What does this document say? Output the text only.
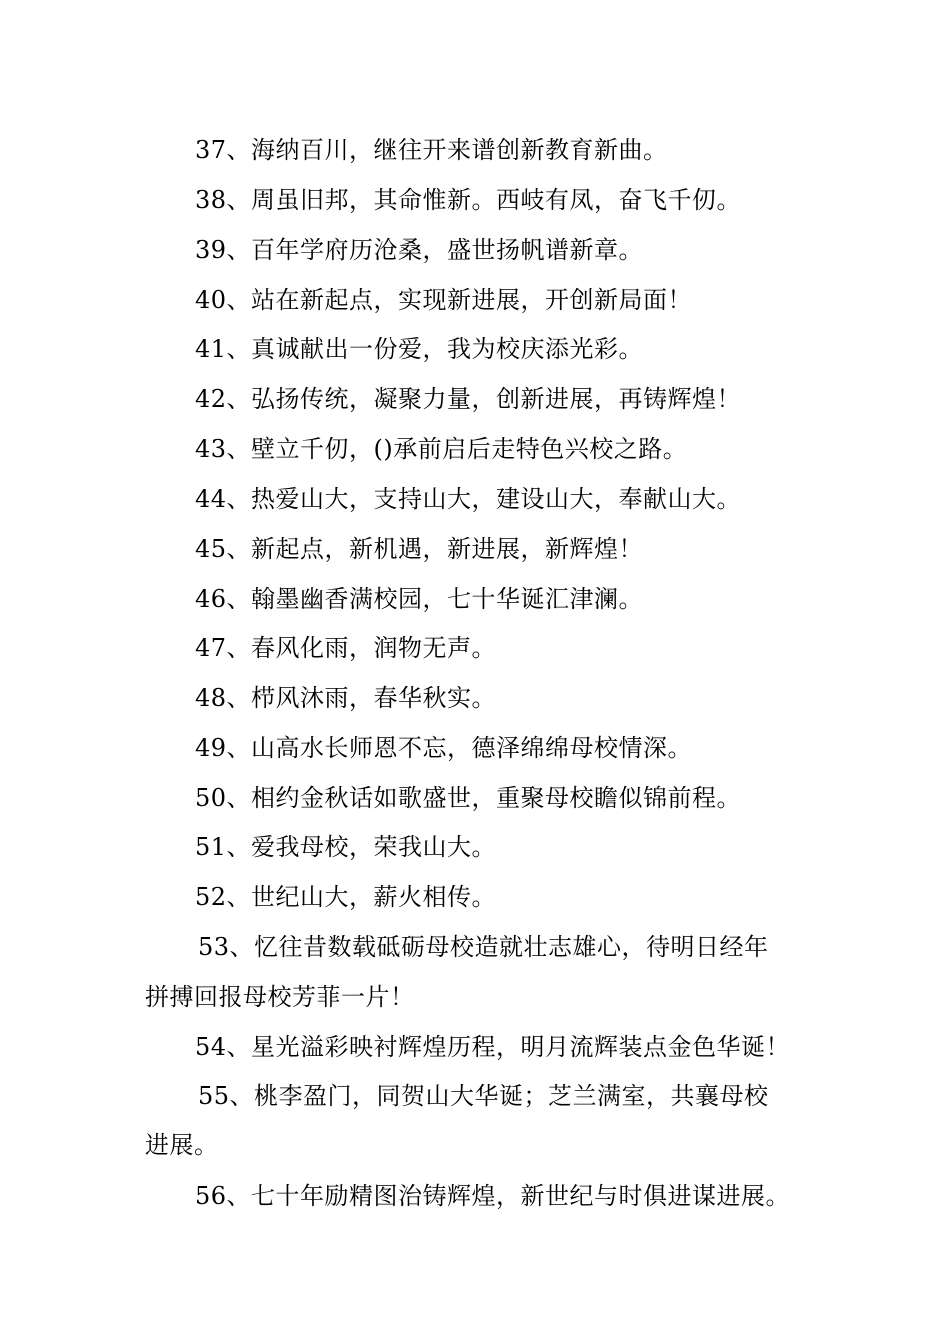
37、海纳百川，继往开来谱创新教育新曲。
38、周虽旧邦，其命惟新。西岐有凤，奋飞千仞。
39、百年学府历沧桑，盛世扬帆谱新章。
40、站在新起点，实现新进展，开创新局面！
41、真诚献出一份爱，我为校庆添光彩。
42、弘扬传统，凝聚力量，创新进展，再铸辉煌！
43、壁立千仞，()承前启后走特色兴校之路。
44、热爱山大，支持山大，建设山大，奉献山大。
45、新起点，新机遇，新进展，新辉煌！
46、翰墨幽香满校园，七十华诞汇津澜。
47、春风化雨，润物无声。
48、栉风沐雨，春华秋实。
49、山高水长师恩不忘，德泽绵绵母校情深。
50、相约金秋话如歌盛世，重聚母校瞻似锦前程。
51、爱我母校，荣我山大。
52、世纪山大，薪火相传。
53、忆往昔数载砥砺母校造就壮志雄心，待明日经年
拼搏回报母校芳菲一片！
54、星光溢彩映衬辉煌历程，明月流辉装点金色华诞！
55、桃李盈门，同贺山大华诞；芝兰满室，共襄母校
进展。
56、七十年励精图治铸辉煌，新世纪与时俱进谋进展。
